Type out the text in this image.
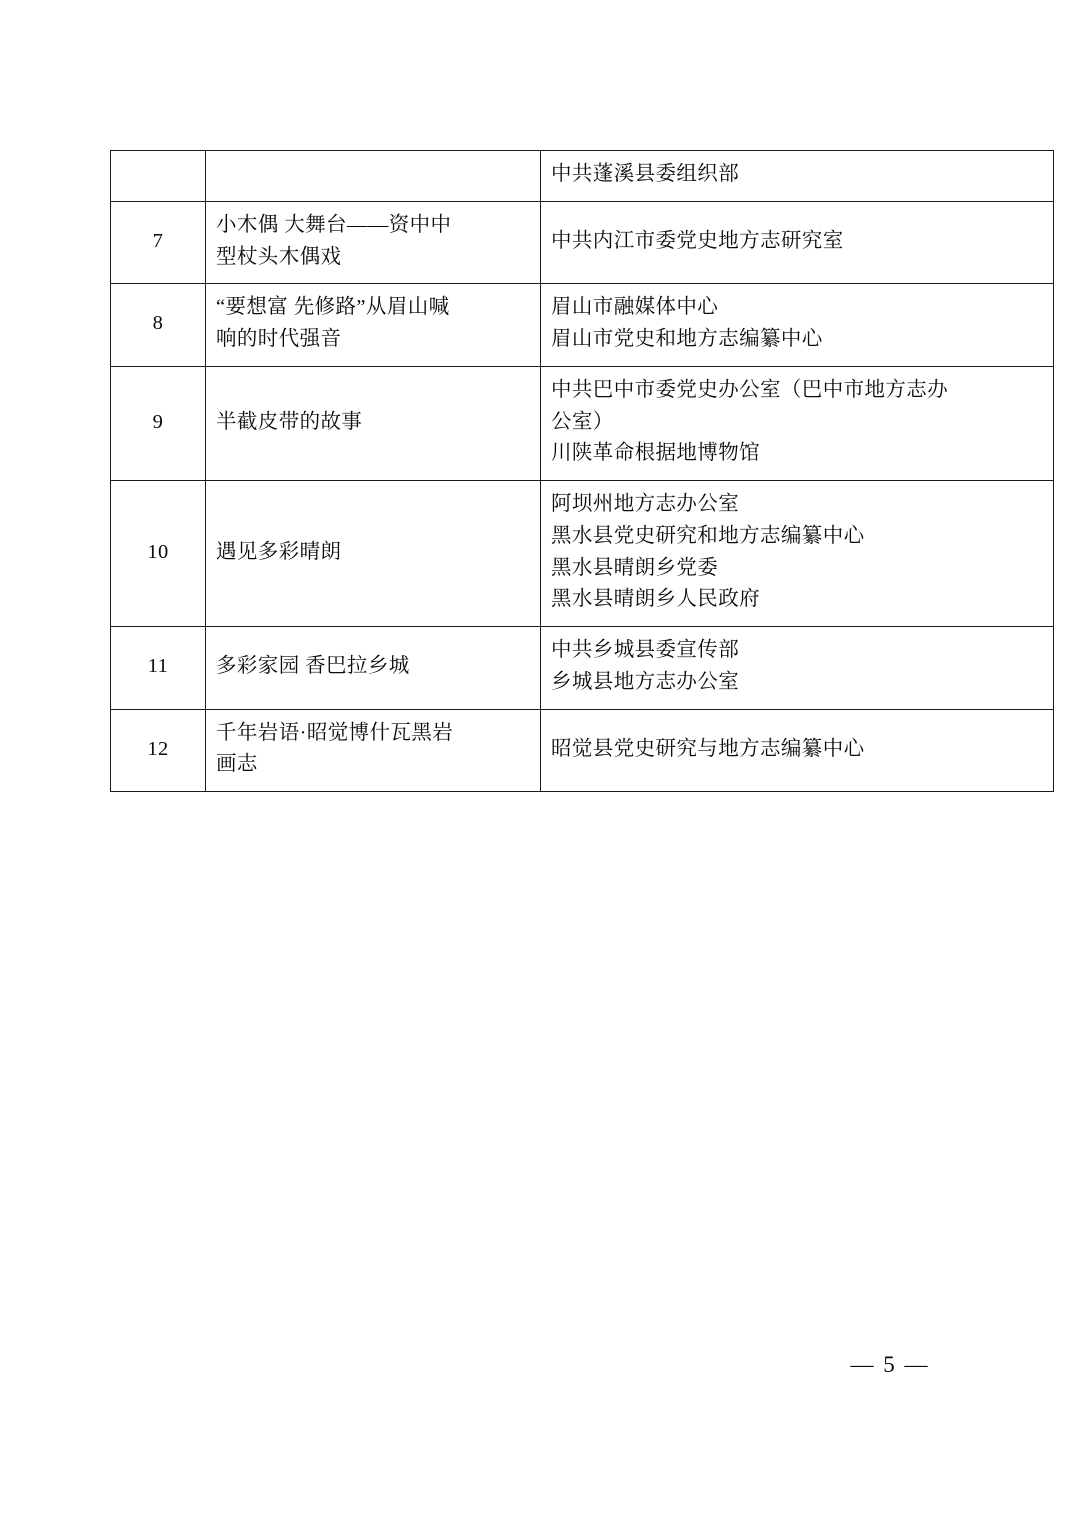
		中共蓬溪县委组织部

7	小木偶 大舞台——资中中
型杖头木偶戏	中共内江市委党史地方志研究室

8	“要想富 先修路”从眉山喊
响的时代强音	眉山市融媒体中心
眉山市党史和地方志编纂中心

9	半截皮带的故事	中共巴中市委党史办公室（巴中市地方志办
公室）
川陕革命根据地博物馆

10	遇见多彩晴朗	阿坝州地方志办公室
黑水县党史研究和地方志编纂中心
黑水县晴朗乡党委
黑水县晴朗乡人民政府

11	多彩家园 香巴拉乡城	中共乡城县委宣传部
乡城县地方志办公室

12	千年岩语·昭觉博什瓦黑岩
画志	昭觉县党史研究与地方志编纂中心
— 5 —
